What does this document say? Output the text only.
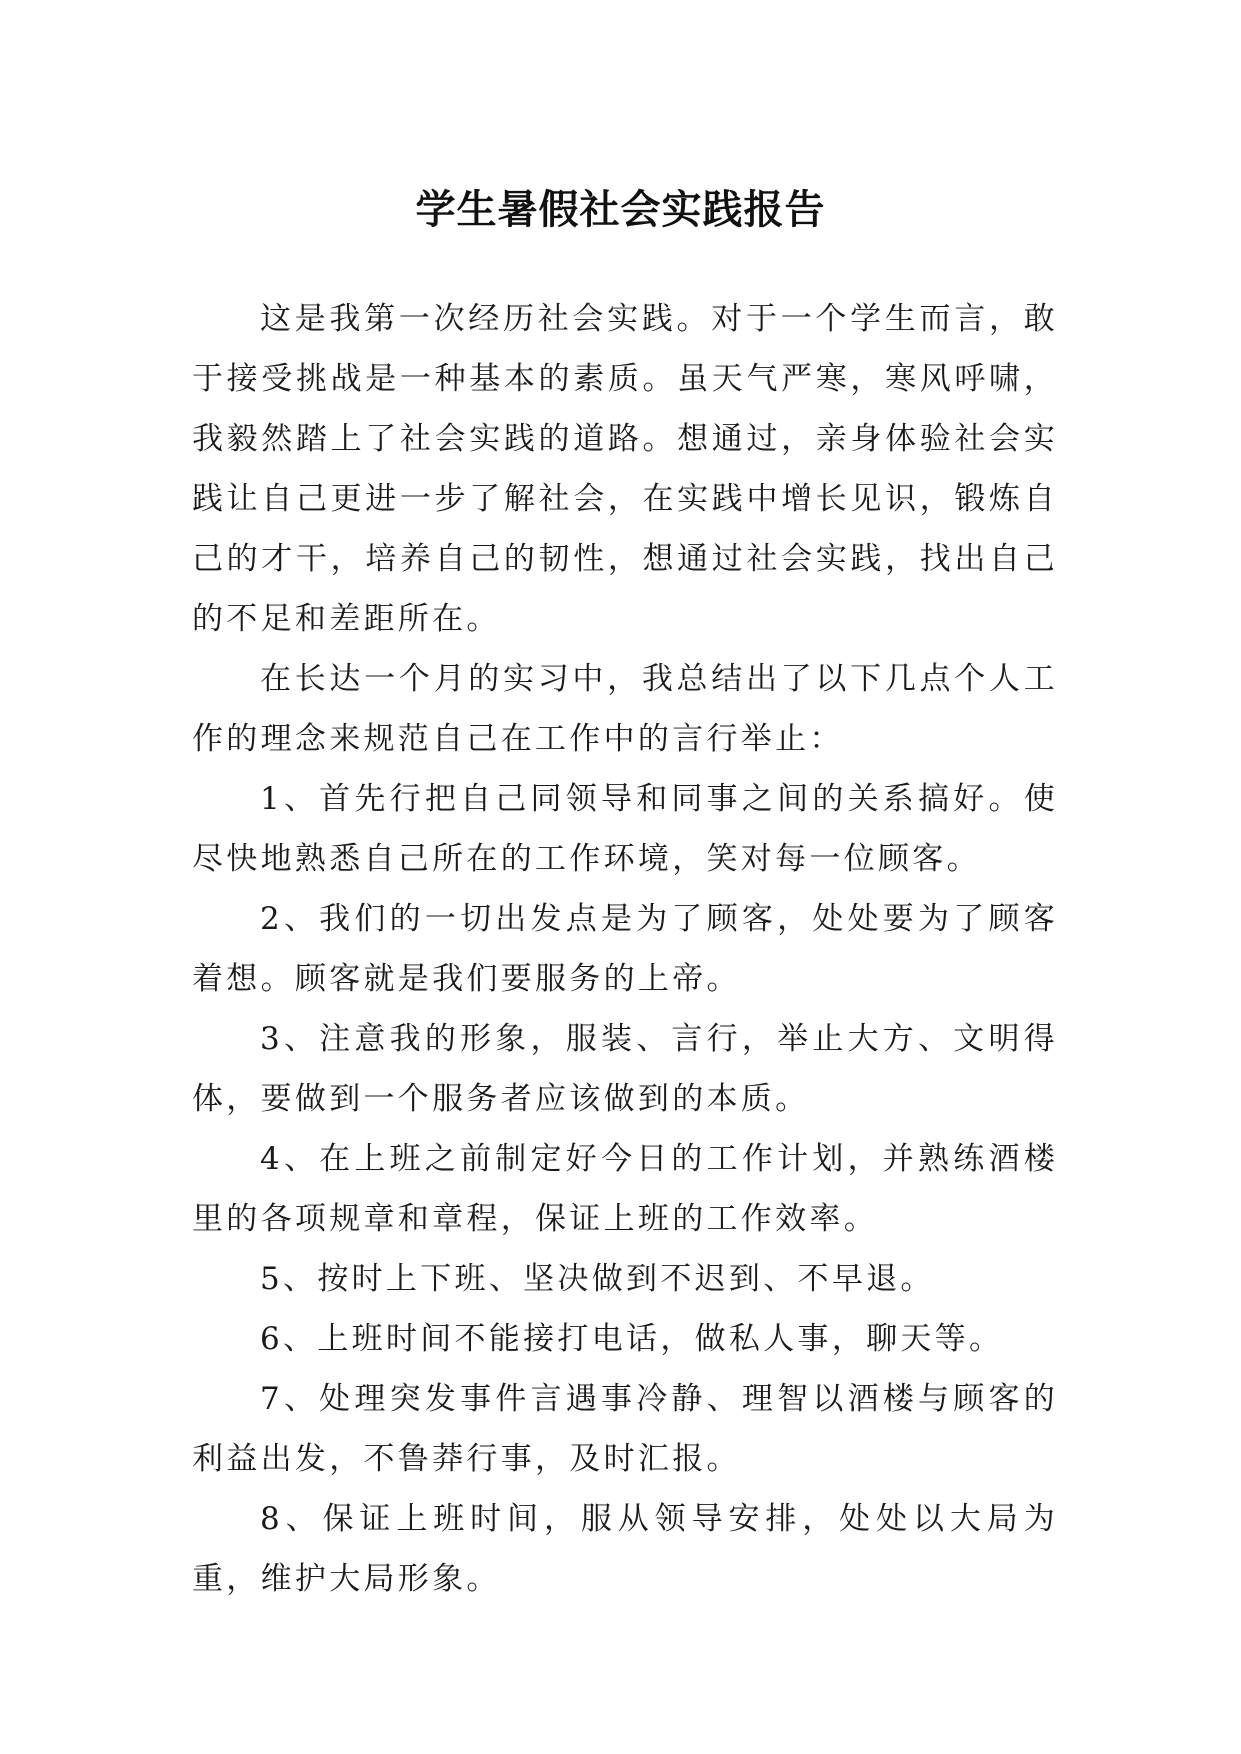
学生暑假社会实践报告

这是我第一次经历社会实践。对于一个学生而言，敢于接受挑战是一种基本的素质。虽天气严寒，寒风呼啸，我毅然踏上了社会实践的道路。想通过，亲身体验社会实践让自己更进一步了解社会，在实践中增长见识，锻炼自己的才干，培养自己的韧性，想通过社会实践，找出自己的不足和差距所在。

在长达一个月的实习中，我总结出了以下几点个人工作的理念来规范自己在工作中的言行举止：

1、首先行把自己同领导和同事之间的关系搞好。使尽快地熟悉自己所在的工作环境，笑对每一位顾客。

2、我们的一切出发点是为了顾客，处处要为了顾客着想。顾客就是我们要服务的上帝。

3、注意我的形象，服装、言行，举止大方、文明得体，要做到一个服务者应该做到的本质。

4、在上班之前制定好今日的工作计划，并熟练酒楼里的各项规章和章程，保证上班的工作效率。

5、按时上下班、坚决做到不迟到、不早退。

6、上班时间不能接打电话，做私人事，聊天等。

7、处理突发事件言遇事冷静、理智以酒楼与顾客的利益出发，不鲁莽行事，及时汇报。

8、保证上班时间，服从领导安排，处处以大局为重，维护大局形象。
